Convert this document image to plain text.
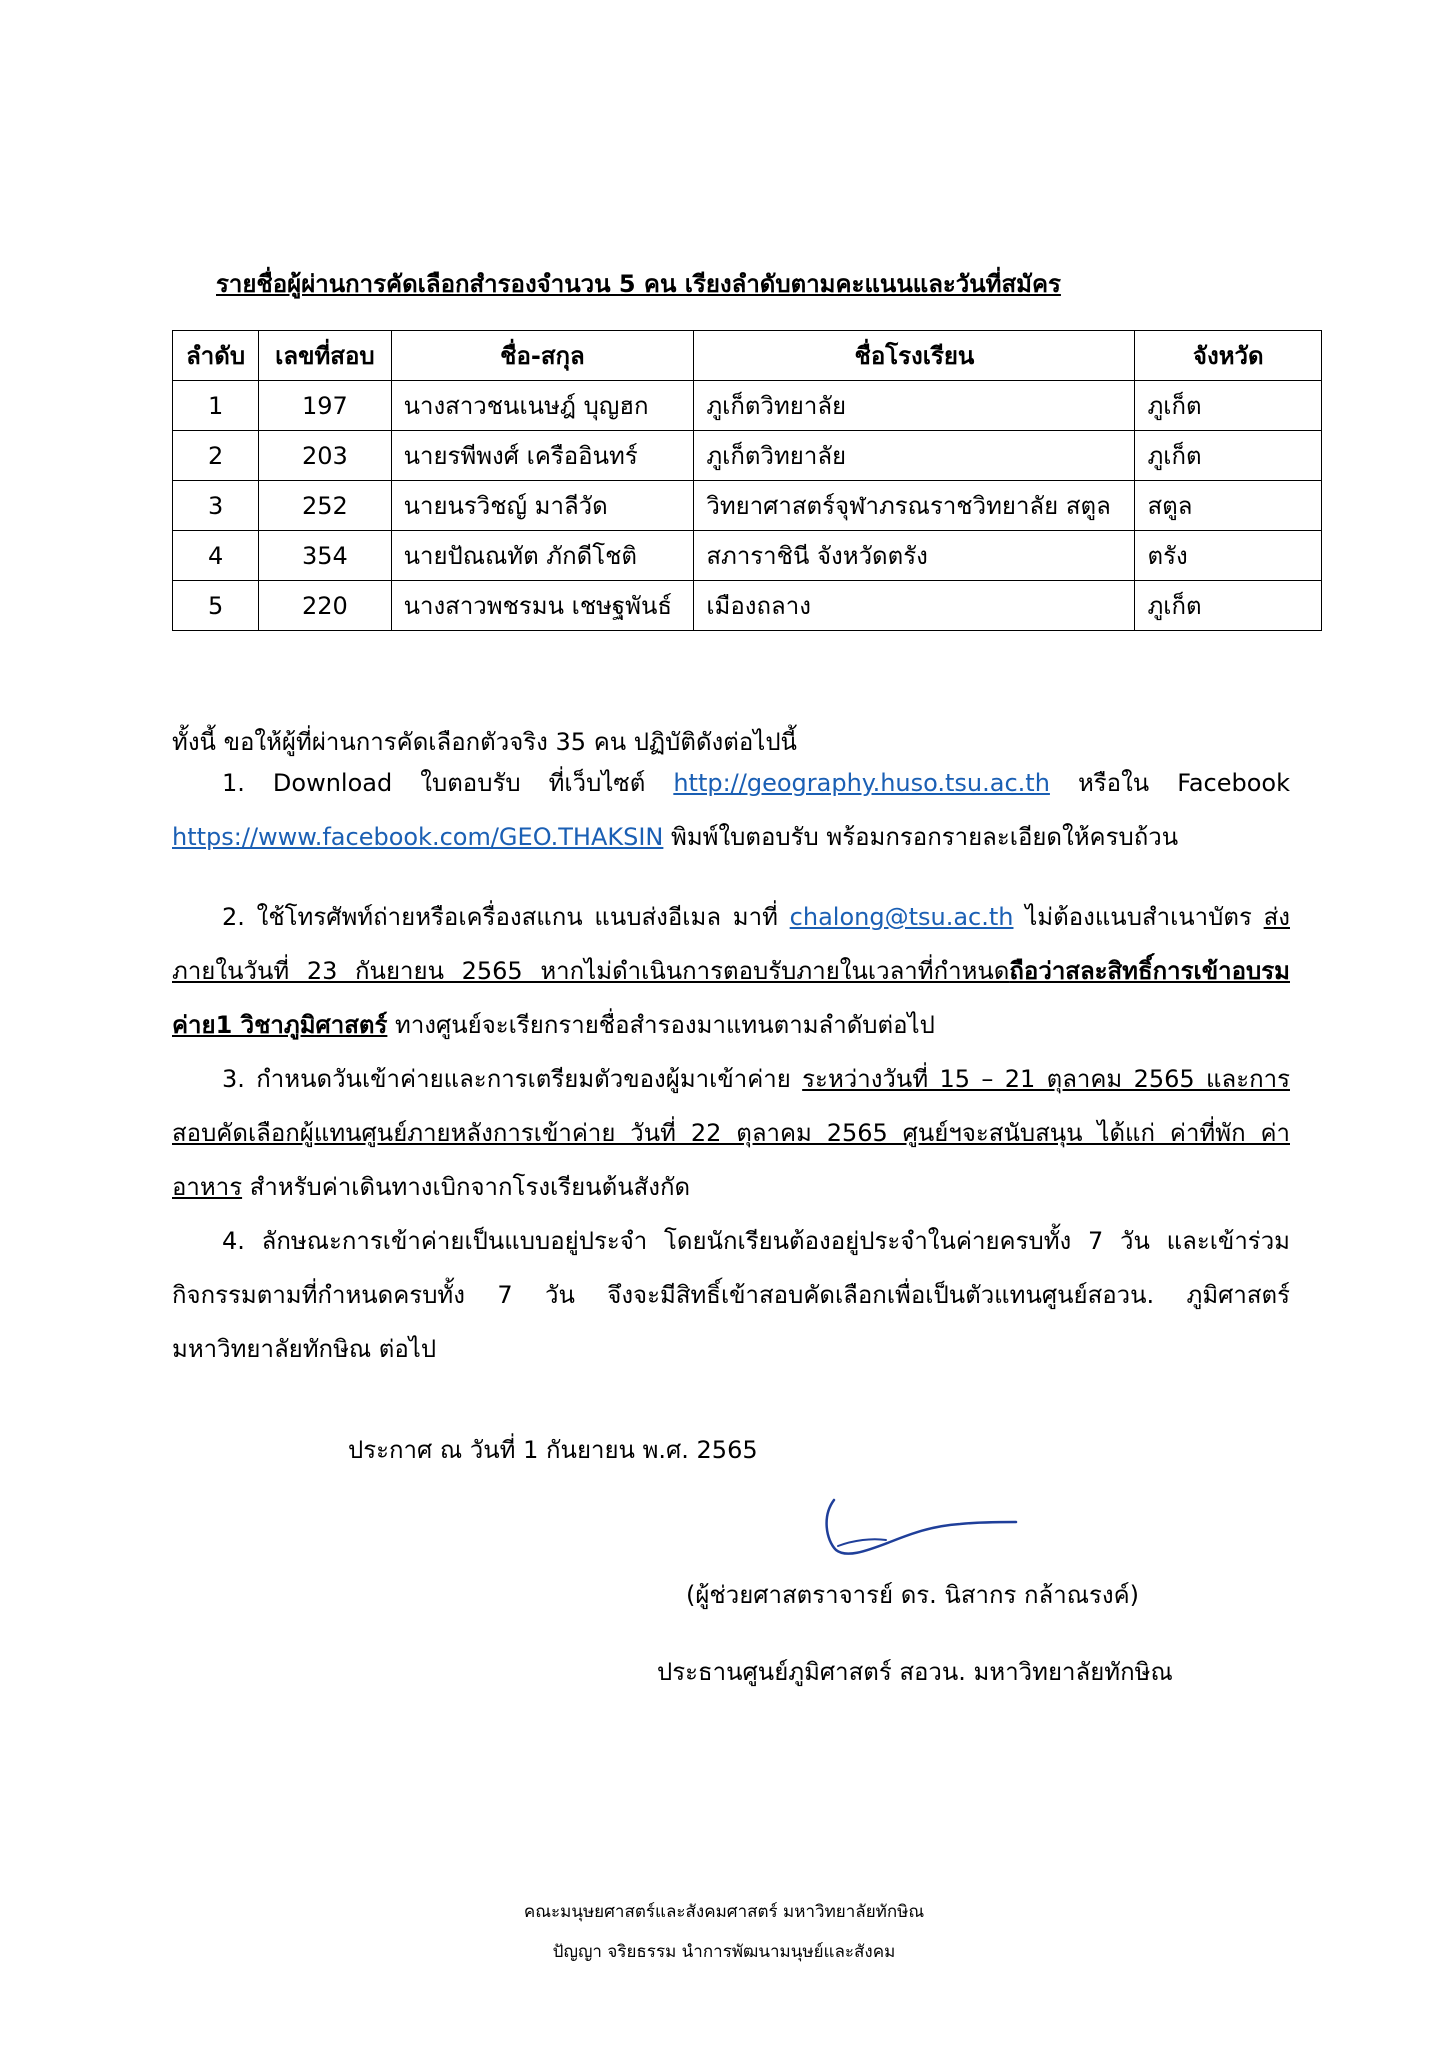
รายชื่อผู้ผ่านการคัดเลือกสำรองจำนวน 5 คน เรียงลำดับตามคะแนนและวันที่สมัคร
ลำดับ	เลขที่สอบ	ชื่อ-สกุล	ชื่อโรงเรียน	จังหวัด
1	197	นางสาวชนเนษฎ์ บุญฮก	ภูเก็ตวิทยาลัย	ภูเก็ต
2	203	นายรพีพงศ์ เครืออินทร์	ภูเก็ตวิทยาลัย	ภูเก็ต
3	252	นายนรวิชญ์ มาลีวัด	วิทยาศาสตร์จุฬาภรณราชวิทยาลัย สตูล	สตูล
4	354	นายปัณณทัต ภักดีโชติ	สภาราชินี จังหวัดตรัง	ตรัง
5	220	นางสาวพชรมน เชษฐพันธ์	เมืองถลาง	ภูเก็ต
ทั้งนี้ ขอให้ผู้ที่ผ่านการคัดเลือกตัวจริง 35 คน ปฏิบัติดังต่อไปนี้

1. Download ใบตอบรับ ที่เว็บไซต์ http://geography.huso.tsu.ac.th หรือใน Facebook https://www.facebook.com/GEO.THAKSIN พิมพ์ใบตอบรับ พร้อมกรอกรายละเอียดให้ครบถ้วน

2. ใช้โทรศัพท์ถ่ายหรือเครื่องสแกน แนบส่งอีเมล มาที่ chalong@tsu.ac.th ไม่ต้องแนบสำเนาบัตร ส่งภายในวันที่ 23 กันยายน 2565 หากไม่ดำเนินการตอบรับภายในเวลาที่กำหนดถือว่าสละสิทธิ์การเข้าอบรมค่าย1 วิชาภูมิศาสตร์ ทางศูนย์จะเรียกรายชื่อสำรองมาแทนตามลำดับต่อไป

3. กำหนดวันเข้าค่ายและการเตรียมตัวของผู้มาเข้าค่าย ระหว่างวันที่ 15 – 21 ตุลาคม 2565 และการสอบคัดเลือกผู้แทนศูนย์ภายหลังการเข้าค่าย วันที่ 22 ตุลาคม 2565 ศูนย์ฯจะสนับสนุน ได้แก่ ค่าที่พัก ค่าอาหาร สำหรับค่าเดินทางเบิกจากโรงเรียนต้นสังกัด

4. ลักษณะการเข้าค่ายเป็นแบบอยู่ประจำ โดยนักเรียนต้องอยู่ประจำในค่ายครบทั้ง 7 วัน และเข้าร่วมกิจกรรมตามที่กำหนดครบทั้ง 7 วัน จึงจะมีสิทธิ์เข้าสอบคัดเลือกเพื่อเป็นตัวแทนศูนย์สอวน. ภูมิศาสตร์ มหาวิทยาลัยทักษิณ ต่อไป

ประกาศ ณ วันที่ 1 กันยายน พ.ศ. 2565
(ผู้ช่วยศาสตราจารย์ ดร. นิสากร กล้าณรงค์)
ประธานศูนย์ภูมิศาสตร์ สอวน. มหาวิทยาลัยทักษิณ
คณะมนุษยศาสตร์และสังคมศาสตร์ มหาวิทยาลัยทักษิณ
ปัญญา จริยธรรม นำการพัฒนามนุษย์และสังคม
